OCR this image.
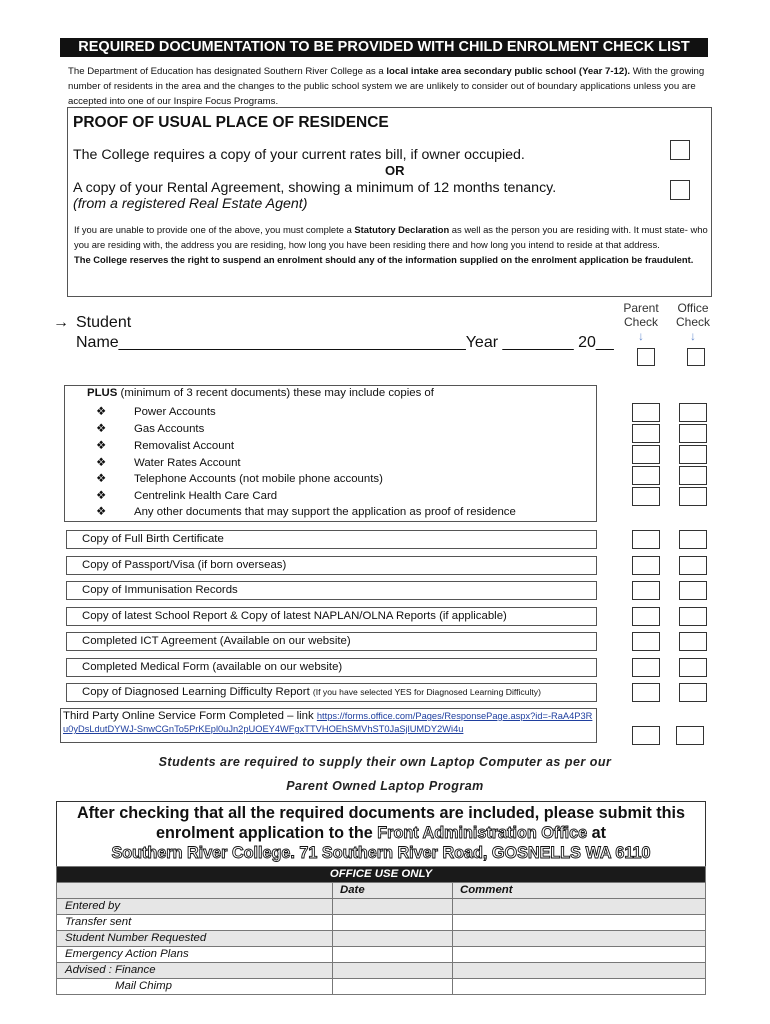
REQUIRED DOCUMENTATION TO BE PROVIDED WITH CHILD ENROLMENT CHECK LIST
The Department of Education has designated Southern River College as a local intake area secondary public school (Year 7-12). With the growing number of residents in the area and the changes to the public school system we are unlikely to consider out of boundary applications unless you are accepted into one of our Inspire Focus Programs.
PROOF OF USUAL PLACE OF RESIDENCE
The College requires a copy of your current rates bill, if owner occupied.
OR
A copy of your Rental Agreement, showing a minimum of 12 months tenancy.
(from a registered Real Estate Agent)
If you are unable to provide one of the above, you must complete a Statutory Declaration as well as the person you are residing with. It must state- who you are residing with, the address you are residing, how long you have been residing there and how long you intend to reside at that address.
The College reserves the right to suspend an enrolment should any of the information supplied on the enrolment application be fraudulent.
Parent
Check
↓
Office
Check
↓
→ Student
Name_______________________________________Year ________ 20__
PLUS (minimum of 3 recent documents) these may include copies of
❖ Power Accounts
❖ Gas Accounts
❖ Removalist Account
❖ Water Rates Account
❖ Telephone Accounts (not mobile phone accounts)
❖ Centrelink Health Care Card
❖ Any other documents that may support the application as proof of residence
Copy of Full Birth Certificate
Copy of Passport/Visa (if born overseas)
Copy of Immunisation Records
Copy of latest School Report & Copy of latest NAPLAN/OLNA Reports (if applicable)
Completed ICT Agreement (Available on our website)
Completed Medical Form (available on our website)
Copy of Diagnosed Learning Difficulty Report (If you have selected YES for Diagnosed Learning Difficulty)
Third Party Online Service Form Completed – link https://forms.office.com/Pages/ResponsePage.aspx?id=-RaA4P3Ru0yDsLdutDYWJ-SnwCGnTo5PrKEpl0uJn2pUOEY4WFgxTTVHOEhSMVhST0JaSjlUMDY2Wi4u
Students are required to supply their own Laptop Computer as per our
Parent Owned Laptop Program
After checking that all the required documents are included, please submit this
enrolment application to the Front Administration Office at
Southern River College. 71 Southern River Road, GOSNELLS WA 6110
OFFICE USE ONLY		
	Date	Comment
Entered by		
Transfer sent		
Student Number Requested		
Emergency Action Plans		
Advised : Finance		
Mail Chimp		
